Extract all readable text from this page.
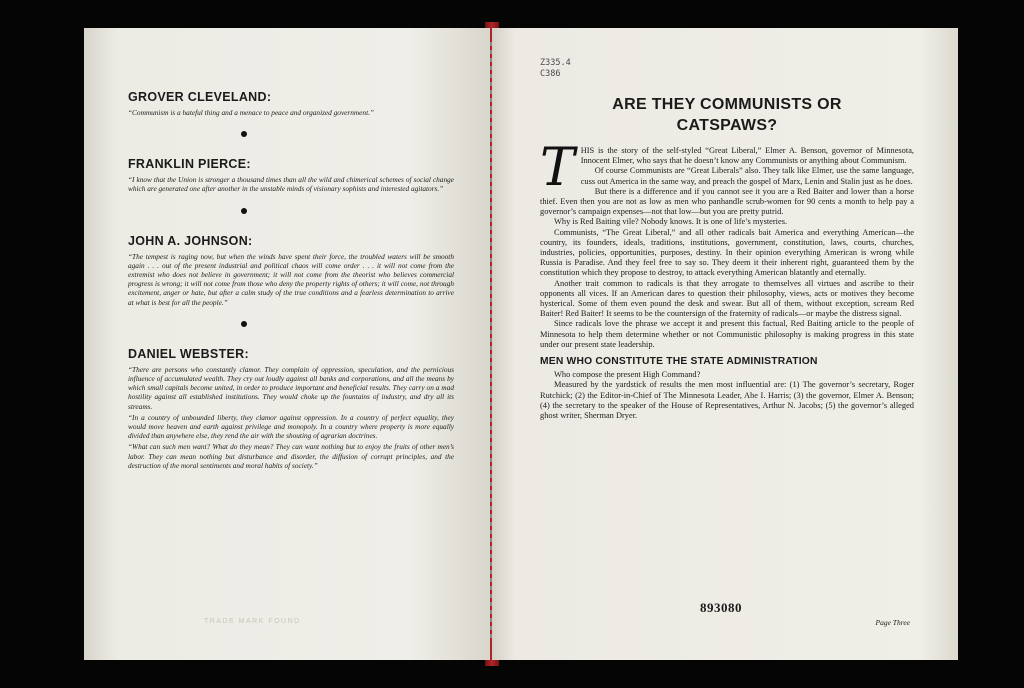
GROVER CLEVELAND:

“Communism is a hateful thing and a menace to peace and organized government.”

FRANKLIN PIERCE:

“I know that the Union is stronger a thousand times than all the wild and chimerical schemes of social change which are generated one after another in the unstable minds of visionary sophists and interested agitators.”

JOHN A. JOHNSON:

“The tempest is raging now, but when the winds have spent their force, the troubled waters will be smooth again . . . out of the present industrial and political chaos will come order . . . it will not come from the extremist who does not believe in government; it will not come from the theorist who believes commercial progress is wrong; it will not come from those who deny the property rights of others; it will come, not through excitement, anger or hate, but after a calm study of the true conditions and a fearless determination to arrive at what is best for all the people.”

DANIEL WEBSTER:

“There are persons who constantly clamor. They complain of oppression, speculation, and the pernicious influence of accumulated wealth. They cry out loudly against all banks and corporations, and all the means by which small capitals become united, in order to produce important and beneficial results. They carry on a mad hostility against all established institutions. They would choke up the fountains of industry, and dry all its streams.

“In a country of unbounded liberty, they clamor against oppression. In a country of perfect equality, they would move heaven and earth against privilege and monopoly. In a country where property is more equally divided than anywhere else, they rend the air with the shouting of agrarian doctrines.

“What can such men want? What do they mean? They can want nothing but to enjoy the fruits of other men’s labor. They can mean nothing but disturbance and disorder, the diffusion of corrupt principles, and the destruction of the moral sentiments and moral habits of society.”

TRADE MARK FOUND
Z335.4
C386
ARE THEY COMMUNISTS OR
CATSPAWS?

THIS is the story of the self-styled “Great Liberal,” Elmer A. Benson, governor of Minnesota, Innocent Elmer, who says that he doesn’t know any Communists or anything about Communism.

Of course Communists are “Great Liberals” also. They talk like Elmer, use the same language, cuss out America in the same way, and preach the gospel of Marx, Lenin and Stalin just as he does.

But there is a difference and if you cannot see it you are a Red Baiter and lower than a horse thief. Even then you are not as low as men who panhandle scrub-women for 90 cents a month to help pay a governor’s campaign expenses—not that low—but you are pretty putrid.

Why is Red Baiting vile? Nobody knows. It is one of life’s mysteries.

Communists, “The Great Liberal,” and all other radicals bait America and everything American—the country, its founders, ideals, traditions, institutions, government, constitution, laws, courts, churches, industries, policies, opportunities, purposes, destiny. In their opinion everything American is wrong while Russia is Paradise. And they feel free to say so. They deem it their inherent right, guaranteed them by the constitution which they propose to destroy, to attack everything American blatantly and eternally.

Another trait common to radicals is that they arrogate to themselves all virtues and ascribe to their opponents all vices. If an American dares to question their philosophy, views, acts or motives they become hysterical. Some of them even pound the desk and swear. But all of them, without exception, scream Red Baiter! Red Baiter! It seems to be the countersign of the fraternity of radicals—or maybe the distress signal.

Since radicals love the phrase we accept it and present this factual, Red Baiting article to the people of Minnesota to help them determine whether or not Communistic philosophy is making progress in this state under our present state leadership.

MEN WHO CONSTITUTE THE STATE ADMINISTRATION

Who compose the present High Command?

Measured by the yardstick of results the men most influential are: (1) The governor’s secretary, Roger Rutchick; (2) the Editor-in-Chief of The Minnesota Leader, Abe I. Harris; (3) the governor, Elmer A. Benson; (4) the secretary to the speaker of the House of Representatives, Arthur N. Jacobs; (5) the governor’s alleged ghost writer, Sherman Dryer.

893080
Page Three
